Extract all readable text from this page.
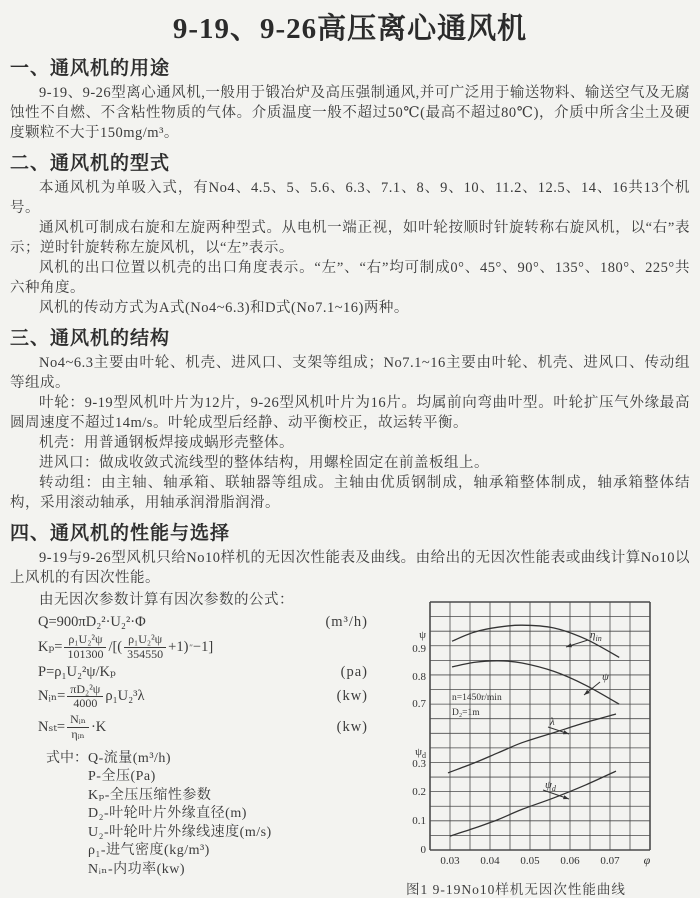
9-19、9-26高压离心通风机
一、通风机的用途

9-19、9-26型离心通风机,一般用于锻冶炉及高压强制通风,并可广泛用于输送物料、输送空气及无腐蚀性不自燃、不含粘性物质的气体。介质温度一般不超过50℃(最高不超过80℃)，介质中所含尘土及硬度颗粒不大于150mg/m³。

二、通风机的型式

本通风机为单吸入式，有No4、4.5、5、5.6、6.3、7.1、8、9、10、11.2、12.5、14、16共13个机号。

通风机可制成右旋和左旋两种型式。从电机一端正视，如叶轮按顺时针旋转称右旋风机，以“右”表示；逆时针旋转称左旋风机，以“左”表示。

风机的出口位置以机壳的出口角度表示。“左”、“右”均可制成0°、45°、90°、135°、180°、225°共六种角度。

风机的传动方式为A式(No4~6.3)和D式(No7.1~16)两种。

三、通风机的结构

No4~6.3主要由叶轮、机壳、进风口、支架等组成；No7.1~16主要由叶轮、机壳、进风口、传动组等组成。

叶轮：9-19型风机叶片为12片，9-26型风机叶片为16片。均属前向弯曲叶型。叶轮扩压气外缘最高圆周速度不超过14m/s。叶轮成型后经静、动平衡校正，故运转平衡。

机壳：用普通钢板焊接成蜗形壳整体。

进风口：做成收敛式流线型的整体结构，用螺栓固定在前盖板组上。

转动组：由主轴、轴承箱、联轴器等组成。主轴由优质钢制成，轴承箱整体制成，轴承箱整体结构，采用滚动轴承，用轴承润滑脂润滑。

四、通风机的性能与选择

9-19与9-26型风机只给No10样机的无因次性能表及曲线。由给出的无因次性能表或曲线计算No10以上风机的有因次性能。

由无因次参数计算有因次参数的公式：

Q=900πD₂²·U₂²·Φ	(m³/h)
$K_p= \frac{\text{ρ₁U₂²ψ}}{101300}$ /[( $\frac{\text{ρ₁U₂²ψ}}{354550} +1$) ′′ −1]
P=ρ₁U₂²ψ/Kₚ	(pa)
Nᵢₙ= $\frac{\text{πD₂²ψ}}{4000} \rho_1U_2^3\lambda$	(kw)
$N_{st}= \frac{\text{Nᵢₙ}}{\text{ηᵢₙ}} \cdot K$	(kw)
式中： Q-流量(m³/h)
P-全压(Pa)
Kₚ-全压压缩性参数
D₂-叶轮叶片外缘直径(m)
U₂-叶轮叶片外缘线速度(m/s)
ρ₁-进气密度(kg/m³)
Nᵢₙ-内功率(kw)
0.03 0.04 0.05 0.06 0.07 φ
ψ
0.9
0.8
0.7
$\psi_d$
0.3
0.2
0.1
0
$\eta_{in}$
ψ
λ
$\psi_d$
n=1450r/min
D₂=1m
图1 9-19No10样机无因次性能曲线
